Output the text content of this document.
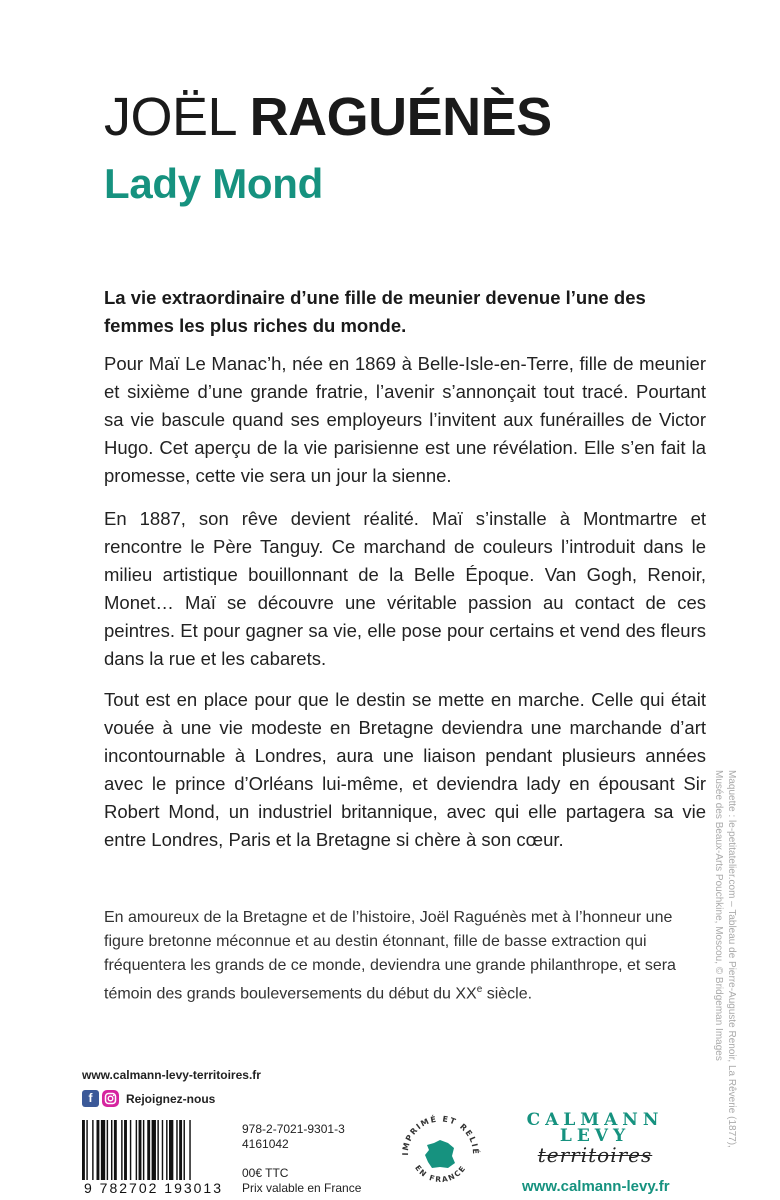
JOËL RAGUÉNÈS
Lady Mond
La vie extraordinaire d’une fille de meunier devenue l’une des femmes les plus riches du monde.
Pour Maï Le Manac’h, née en 1869 à Belle-Isle-en-Terre, fille de meunier et sixième d’une grande fratrie, l’avenir s’annonçait tout tracé. Pourtant sa vie bascule quand ses employeurs l’invitent aux funérailles de Victor Hugo. Cet aperçu de la vie parisienne est une révélation. Elle s’en fait la promesse, cette vie sera un jour la sienne.
En 1887, son rêve devient réalité. Maï s’installe à Montmartre et rencontre le Père Tanguy. Ce marchand de couleurs l’introduit dans le milieu artistique bouillonnant de la Belle Époque. Van Gogh, Renoir, Monet… Maï se découvre une véritable passion au contact de ces peintres. Et pour gagner sa vie, elle pose pour certains et vend des fleurs dans la rue et les cabarets.
Tout est en place pour que le destin se mette en marche. Celle qui était vouée à une vie modeste en Bretagne deviendra une marchande d’art incontournable à Londres, aura une liaison pendant plusieurs années avec le prince d’Orléans lui-même, et deviendra lady en épousant Sir Robert Mond, un industriel britannique, avec qui elle partagera sa vie entre Londres, Paris et la Bretagne si chère à son cœur.
En amoureux de la Bretagne et de l’histoire, Joël Raguénès met à l’honneur une figure bretonne méconnue et au destin étonnant, fille de basse extraction qui fréquentera les grands de ce monde, deviendra une grande philanthrope, et sera témoin des grands bouleversements du début du XXe siècle.
www.calmann-levy-territoires.fr
f	Rejoignez-nous
9 782702 193013
978-2-7021-9301-3
4161042
00€ TTC
Prix valable en France
IMPRIMÉ ET RELIÉ
EN FRANCE
CALMANN
LEVY
territoires
www.calmann-levy.fr
Maquette : le-petitatelier.com – Tableau de Pierre-Auguste Renoir, La Rêverie (1877),
Musée des Beaux-Arts Pouchkine, Moscou, © Bridgeman Images
